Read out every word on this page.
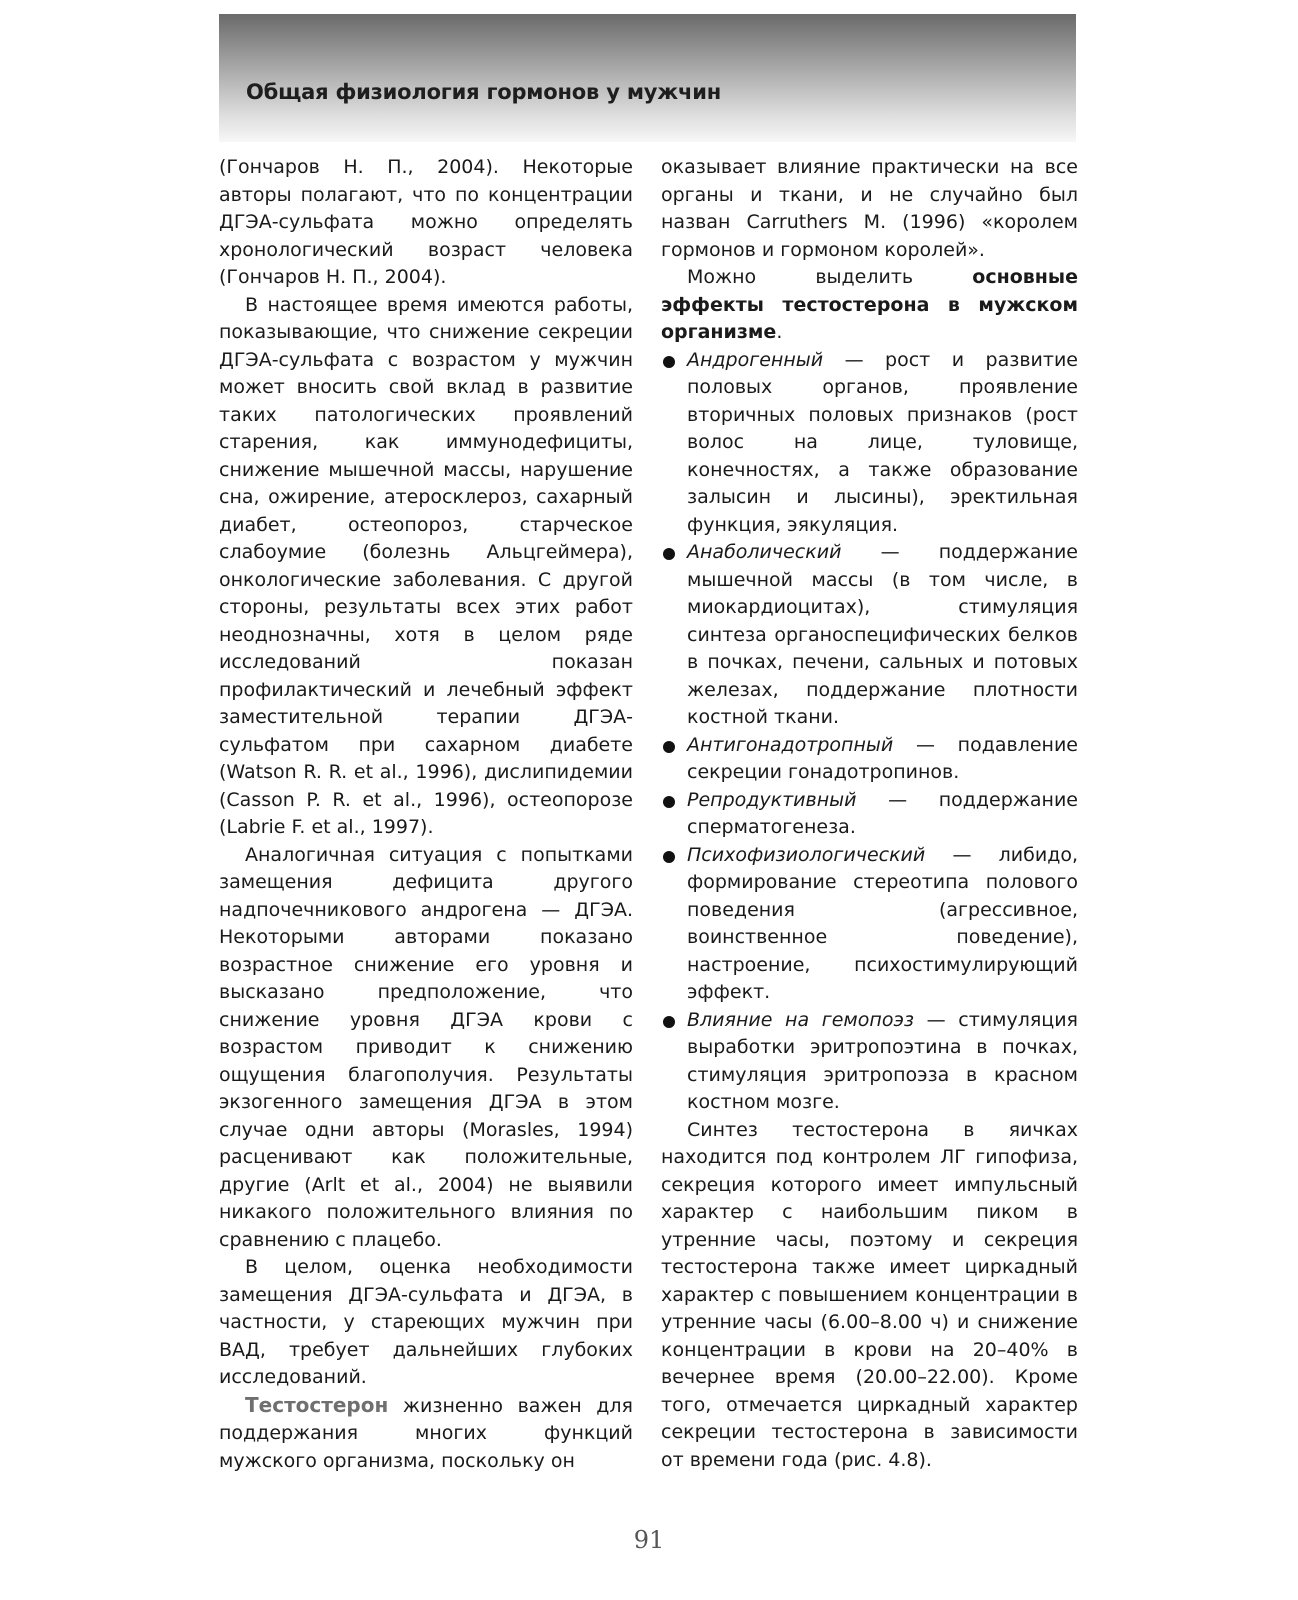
Общая физиология гормонов у мужчин

(Гончаров Н. П., 2004). Некоторые авторы полагают, что по концентрации ДГЭА-сульфата можно определять хронологический возраст человека (Гончаров Н. П., 2004).

В настоящее время имеются работы, показывающие, что снижение секреции ДГЭА-сульфата с возрастом у мужчин может вносить свой вклад в развитие таких патологических проявлений старения, как иммунодефициты, снижение мышечной массы, нарушение сна, ожирение, атеросклероз, сахарный диабет, остеопороз, старческое слабоумие (болезнь Альцгеймера), онкологические заболевания. С другой стороны, результаты всех этих работ неоднозначны, хотя в целом ряде исследований показан профилактический и лечебный эффект заместительной терапии ДГЭА-сульфатом при сахарном диабете (Watson R. R. et al., 1996), дислипидемии (Casson P. R. et al., 1996), остеопорозе (Labrie F. et al., 1997).

Аналогичная ситуация с попытками замещения дефицита другого надпочечникового андрогена — ДГЭА. Некоторыми авторами показано возрастное снижение его уровня и высказано предположение, что снижение уровня ДГЭА крови с возрастом приводит к снижению ощущения благополучия. Результаты экзогенного замещения ДГЭА в этом случае одни авторы (Morasles, 1994) расценивают как положительные, другие (Arlt et al., 2004) не выявили никакого положительного влияния по сравнению с плацебо.

В целом, оценка необходимости замещения ДГЭА-сульфата и ДГЭА, в частности, у стареющих мужчин при ВАД, требует дальнейших глубоких исследований.

Тестостерон жизненно важен для поддержания многих функций мужского организма, поскольку он

оказывает влияние практически на все органы и ткани, и не случайно был назван Carruthers M. (1996) «королем гормонов и гормоном королей».

Можно выделить основные эффекты тестостерона в мужском организме.

Андрогенный — рост и развитие половых органов, проявление вторичных половых признаков (рост волос на лице, туловище, конечностях, а также образование залысин и лысины), эректильная функция, эякуляция.
Анаболический — поддержание мышечной массы (в том числе, в миокардиоцитах), стимуляция синтеза органоспецифических белков в почках, печени, сальных и потовых железах, поддержание плотности костной ткани.
Антигонадотропный — подавление секреции гонадотропинов.
Репродуктивный — поддержание сперматогенеза.
Психофизиологический — либидо, формирование стереотипа полового поведения (агрессивное, воинственное поведение), настроение, психостимулирующий эффект.
Влияние на гемопоэз — стимуляция выработки эритропоэтина в почках, стимуляция эритропоэза в красном костном мозге.

Синтез тестостерона в яичках находится под контролем ЛГ гипофиза, секреция которого имеет импульсный характер с наибольшим пиком в утренние часы, поэтому и секреция тестостерона также имеет циркадный характер с повышением концентрации в утренние часы (6.00–8.00 ч) и снижение концентрации в крови на 20–40% в вечернее время (20.00–22.00). Кроме того, отмечается циркадный характер секреции тестостерона в зависимости от времени года (рис. 4.8).

91
